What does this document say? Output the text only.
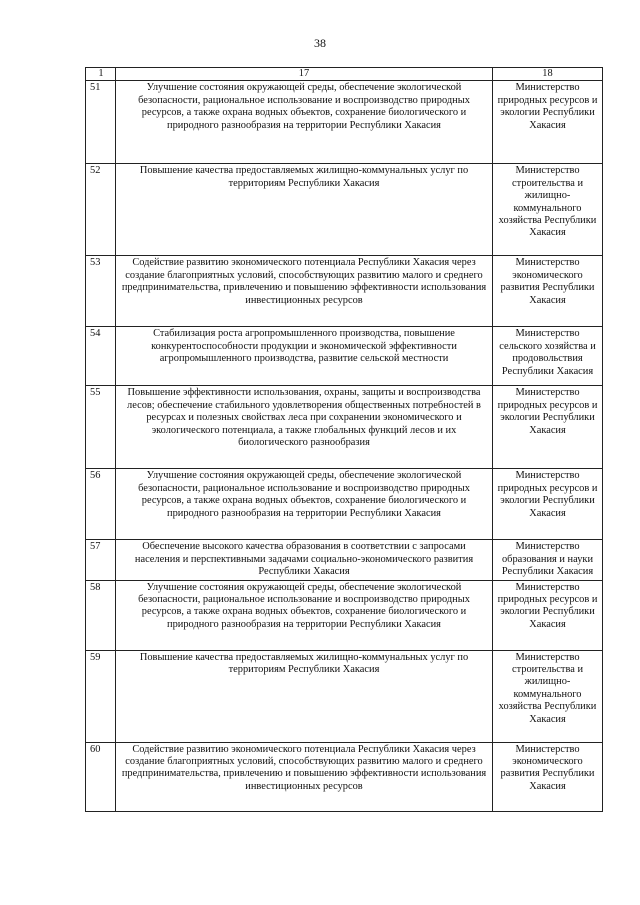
38
1	17	18
51	Улучшение состояния окружающей среды, обеспечение экологической безопасности, рациональное использование и воспроизводство природных ресурсов, а также охрана водных объектов, сохранение биологического и природного разнообразия на территории Республики Хакасия	Министерство природных ресурсов и экологии Республики Хакасия
52	Повышение качества предоставляемых жилищно-коммунальных услуг по территориям Республики Хакасия	Министерство строительства и жилищно-коммунального хозяйства Республики Хакасия
53	Содействие развитию экономического потенциала Республики Хакасия через создание благоприятных условий, способствующих развитию малого и среднего предпринимательства, привлечению и повышению эффективности использования инвестиционных ресурсов	Министерство экономического развития Республики Хакасия
54	Стабилизация роста агропромышленного производства, повышение конкурентоспособности продукции и экономической эффективности агропромышленного производства, развитие сельской местности	Министерство сельского хозяйства и продовольствия Республики Хакасия
55	Повышение эффективности использования, охраны, защиты и воспроизводства лесов; обеспечение стабильного удовлетворения общественных потребностей в ресурсах и полезных свойствах леса при сохранении экономического и экологического потенциала, а также глобальных функций лесов и их биологического разнообразия	Министерство природных ресурсов и экологии Республики Хакасия
56	Улучшение состояния окружающей среды, обеспечение экологической безопасности, рациональное использование и воспроизводство природных ресурсов, а также охрана водных объектов, сохранение биологического и природного разнообразия на территории Республики Хакасия	Министерство природных ресурсов и экологии Республики Хакасия
57	Обеспечение высокого качества образования в соответствии с запросами населения и перспективными задачами социально-экономического развития Республики Хакасия	Министерство образования и науки Республики Хакасия
58	Улучшение состояния окружающей среды, обеспечение экологической безопасности, рациональное использование и воспроизводство природных ресурсов, а также охрана водных объектов, сохранение биологического и природного разнообразия на территории Республики Хакасия	Министерство природных ресурсов и экологии Республики Хакасия
59	Повышение качества предоставляемых жилищно-коммунальных услуг по территориям Республики Хакасия	Министерство строительства и жилищно-коммунального хозяйства Республики Хакасия
60	Содействие развитию экономического потенциала Республики Хакасия через создание благоприятных условий, способствующих развитию малого и среднего предпринимательства, привлечению и повышению эффективности использования инвестиционных ресурсов	Министерство экономического развития Республики Хакасия
